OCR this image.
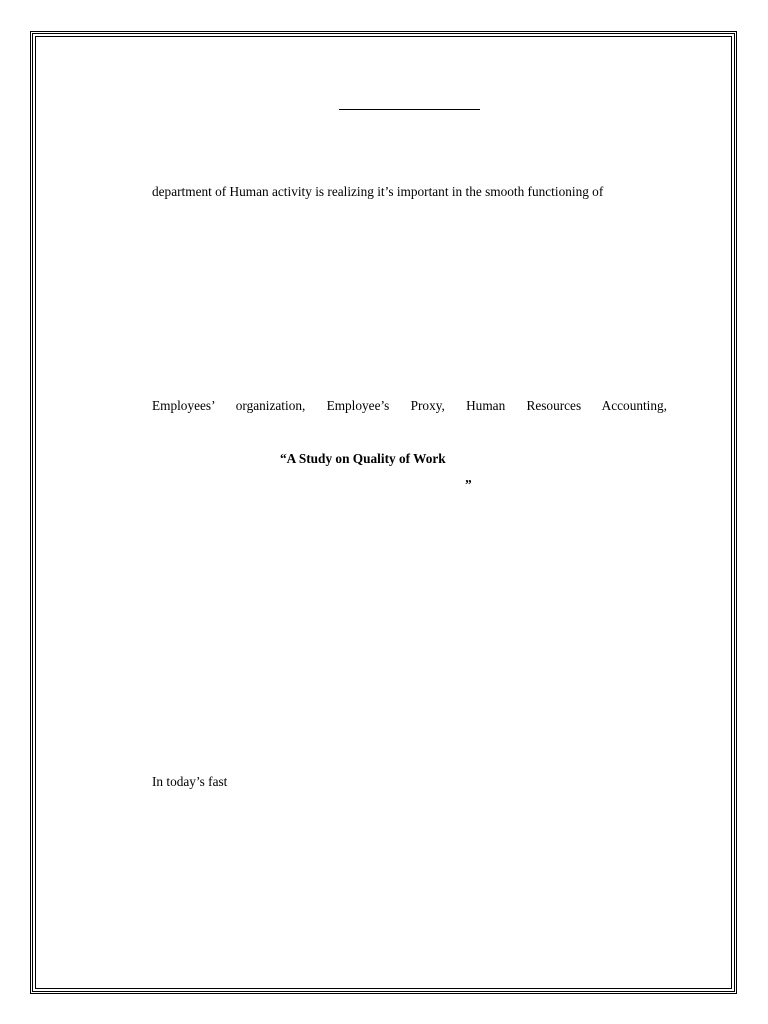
department of Human activity is realizing it’s important in the smooth functioning of
Employees’ organization, Employee’s Proxy, Human Resources Accounting,
“A Study on Quality of Work
”
In today’s fast
